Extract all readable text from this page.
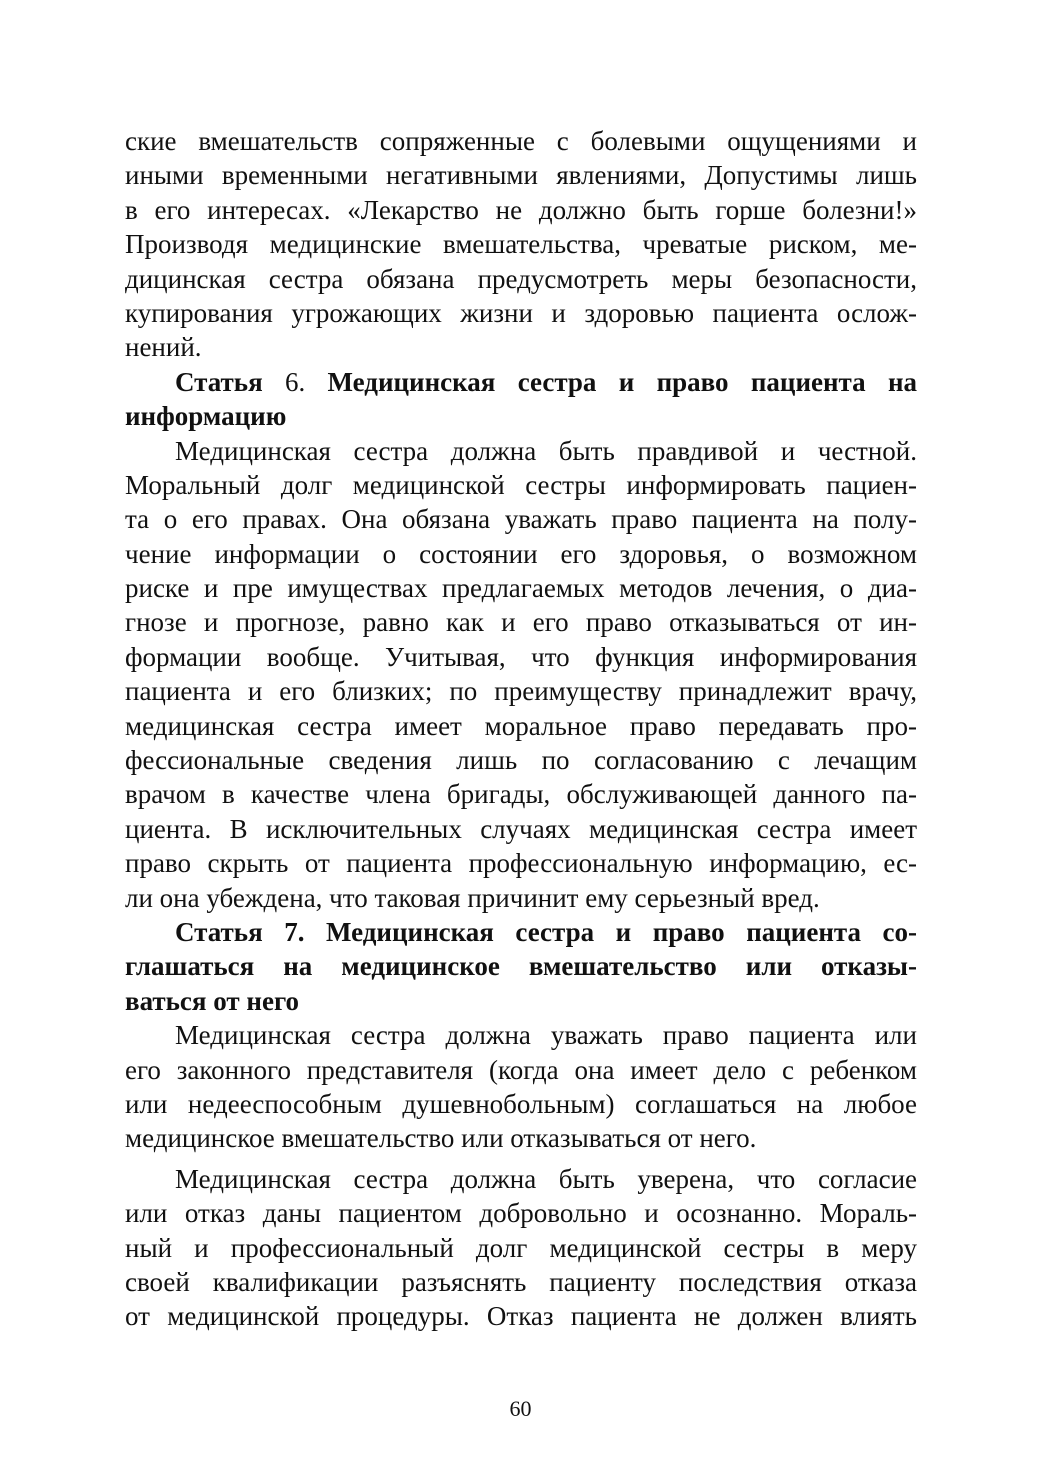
ские вмешательств сопряженные с болевыми ощущениями и
иными временными негативными явлениями, Допустимы лишь
в его интересах. «Лекарство не должно быть горше болезни!»
Производя медицинские вмешательства, чреватые риском, ме-
дицинская сестра обязана предусмотреть меры безопасности,
купирования угрожающих жизни и здоровью пациента ослож-
нений.
Статья 6. Медицинская сестра и право пациента на
информацию
Медицинская сестра должна быть правдивой и честной.
Моральный долг медицинской сестры информировать пациен-
та о его правах. Она обязана уважать право пациента на полу-
чение информации о состоянии его здоровья, о возможном
риске и пре имуществах предлагаемых методов лечения, о диа-
гнозе и прогнозе, равно как и его право отказываться от ин-
формации вообще. Учитывая, что функция информирования
пациента и его близких; по преимуществу принадлежит врачу,
медицинская сестра имеет моральное право передавать про-
фессиональные сведения лишь по согласованию с лечащим
врачом в качестве члена бригады, обслуживающей данного па-
циента. В исключительных случаях медицинская сестра имеет
право скрыть от пациента профессиональную информацию, ес-
ли она убеждена, что таковая причинит ему серьезный вред.
Статья 7. Медицинская сестра и право пациента со-
глашаться на медицинское вмешательство или отказы-
ваться от него
Медицинская сестра должна уважать право пациента или
его законного представителя (когда она имеет дело с ребенком
или недееспособным душевнобольным) соглашаться на любое
медицинское вмешательство или отказываться от него.
Медицинская сестра должна быть уверена, что согласие
или отказ даны пациентом добровольно и осознанно. Мораль-
ный и профессиональный долг медицинской сестры в меру
своей квалификации разъяснять пациенту последствия отказа
от медицинской процедуры. Отказ пациента не должен влиять
60
